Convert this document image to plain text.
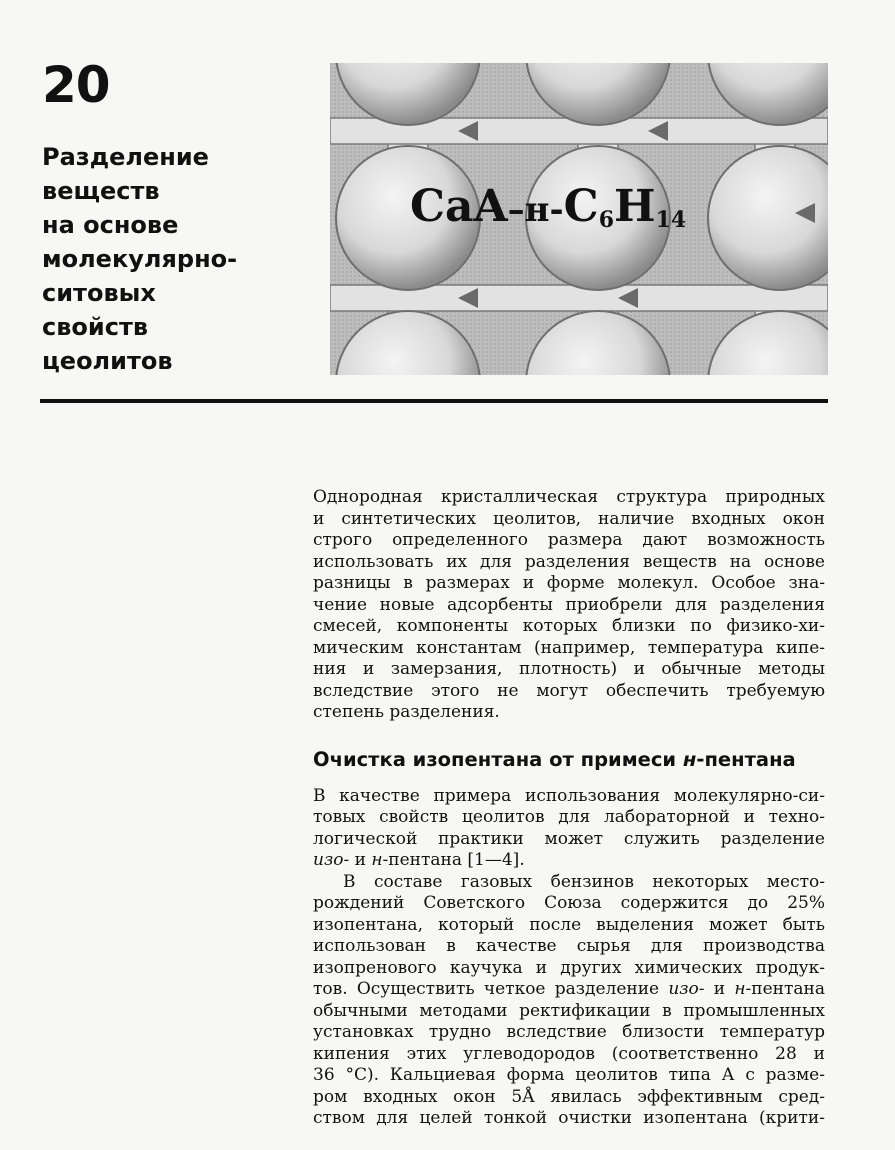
20
Разделение
веществ
на основе
молекулярно-
ситовых
свойств
цеолитов
CaA–$н-C_6H_{14}$

Однородная кристаллическая структура природных
и синтетических цеолитов, наличие входных окон
строго определенного размера дают возможность
использовать их для разделения веществ на основе
разницы в размерах и форме молекул. Особое зна-
чение новые адсорбенты приобрели для разделения
смесей, компоненты которых близки по физико-хи-
мическим константам (например, температура кипе-
ния и замерзания, плотность) и обычные методы
вследствие этого не могут обеспечить требуемую
степень разделения.

Очистка изопентана от примеси н-пентана

В качестве примера использования молекулярно-си-
товых свойств цеолитов для лабораторной и техно-
логической практики может служить разделение
изо- и н-пентана [1—4].

В составе газовых бензинов некоторых место-
рождений Советского Союза содержится до 25%
изопентана, который после выделения может быть
использован в качестве сырья для производства
изопренового каучука и других химических продук-
тов. Осуществить четкое разделение изо- и н-пентана
обычными методами ректификации в промышленных
установках трудно вследствие близости температур
кипения этих углеводородов (соответственно 28 и
36 °С). Кальциевая форма цеолитов типа А с разме-
ром входных окон 5Å явилась эффективным сред-
ством для целей тонкой очистки изопентана (крити-
